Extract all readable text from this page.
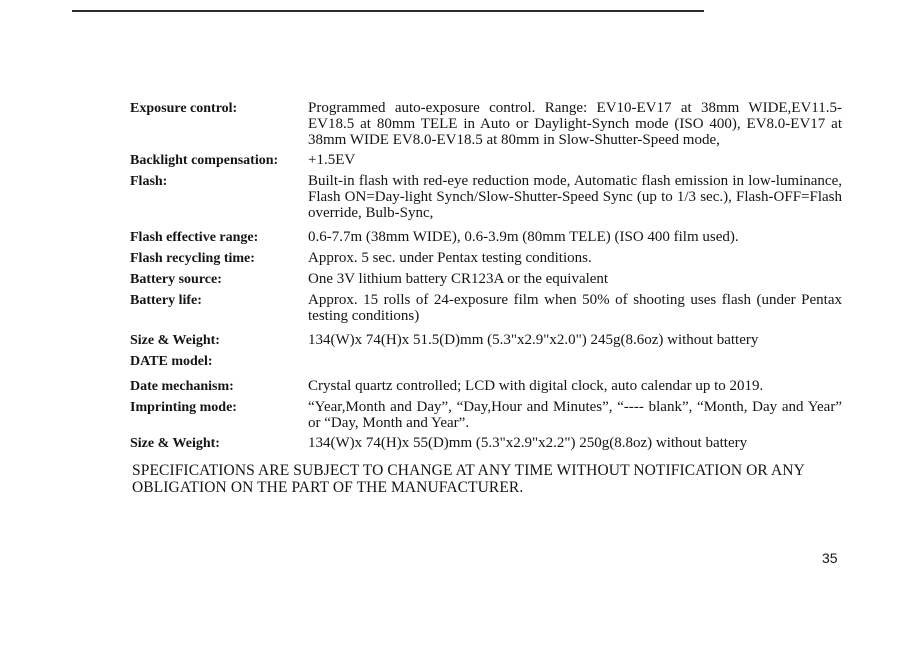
Exposure control:	Programmed auto-exposure control. Range: EV10-EV17 at 38mm WIDE,EV11.5-EV18.5 at 80mm TELE in Auto or Daylight-Synch mode (ISO 400), EV8.0-EV17 at 38mm WIDE EV8.0-EV18.5 at 80mm in Slow-Shutter-Speed mode,
Backlight compensation:	+1.5EV
Flash:	Built-in flash with red-eye reduction mode, Automatic flash emission in low-luminance, Flash ON=Day-light Synch/Slow-Shutter-Speed Sync (up to 1/3 sec.), Flash-OFF=Flash override, Bulb-Sync,
Flash effective range:	0.6-7.7m (38mm WIDE), 0.6-3.9m (80mm TELE) (ISO 400 film used).
Flash recycling time:	Approx. 5 sec. under Pentax testing conditions.
Battery source:	One 3V lithium battery CR123A or the equivalent
Battery life:	Approx. 15 rolls of 24-exposure film when 50% of shooting uses flash (under Pentax testing conditions)
Size & Weight:	134(W)x 74(H)x 51.5(D)mm (5.3"x2.9"x2.0") 245g(8.6oz) without battery
DATE model:
Date mechanism:	Crystal quartz controlled; LCD with digital clock, auto calendar up to 2019.
Imprinting mode:	“Year,Month and Day”, “Day,Hour and Minutes”, “---- blank”, “Month, Day and Year” or “Day, Month and Year”.
Size & Weight:	134(W)x 74(H)x 55(D)mm (5.3"x2.9"x2.2") 250g(8.8oz) without battery
SPECIFICATIONS ARE SUBJECT TO CHANGE AT ANY TIME WITHOUT NOTIFICATION OR ANY OBLIGATION ON THE PART OF THE MANUFACTURER.
35
